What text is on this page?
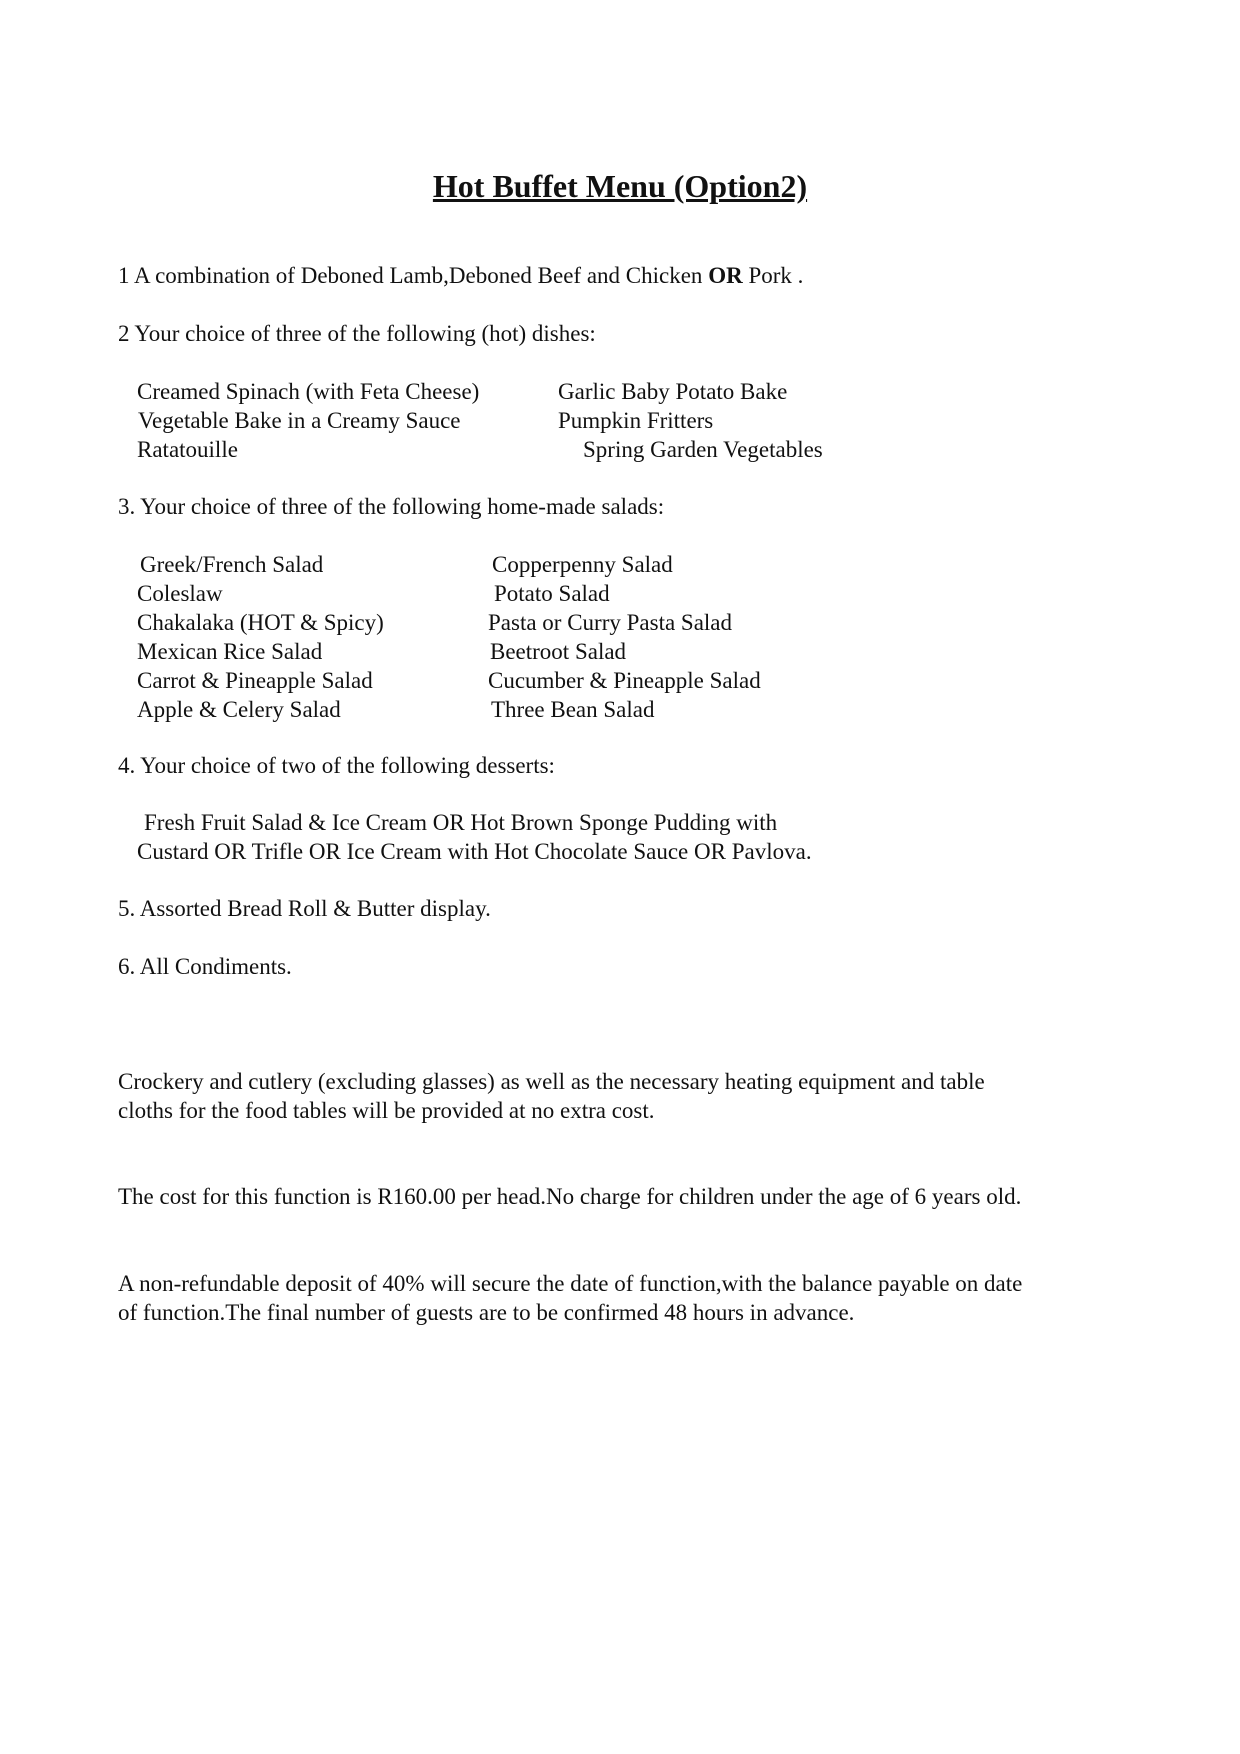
Hot Buffet Menu (Option2)
1 A combination of Deboned Lamb,Deboned Beef and Chicken OR Pork .
2 Your choice of three of the following (hot) dishes:
Creamed Spinach (with Feta Cheese)
Vegetable Bake in a Creamy Sauce
Ratatouille
Garlic Baby Potato Bake
Pumpkin Fritters
Spring Garden Vegetables
3. Your choice of three of the following home-made salads:
Greek/French Salad
Coleslaw
Chakalaka (HOT & Spicy)
Mexican Rice Salad
Carrot & Pineapple Salad
Apple & Celery Salad
Copperpenny Salad
Potato Salad
Pasta or Curry Pasta Salad
Beetroot Salad
Cucumber & Pineapple Salad
Three Bean Salad
4. Your choice of two of the following desserts:
Fresh Fruit Salad & Ice Cream OR Hot Brown Sponge Pudding with
Custard OR Trifle OR Ice Cream with Hot Chocolate Sauce OR Pavlova.
5. Assorted Bread Roll & Butter display.
6. All Condiments.
Crockery and cutlery (excluding glasses) as well as the necessary heating equipment and table
cloths for the food tables will be provided at no extra cost.
The cost for this function is R160.00 per head.No charge for children under the age of 6 years old.
A non-refundable deposit of 40% will secure the date of function,with the balance payable on date
of function.The final number of guests are to be confirmed 48 hours in advance.
